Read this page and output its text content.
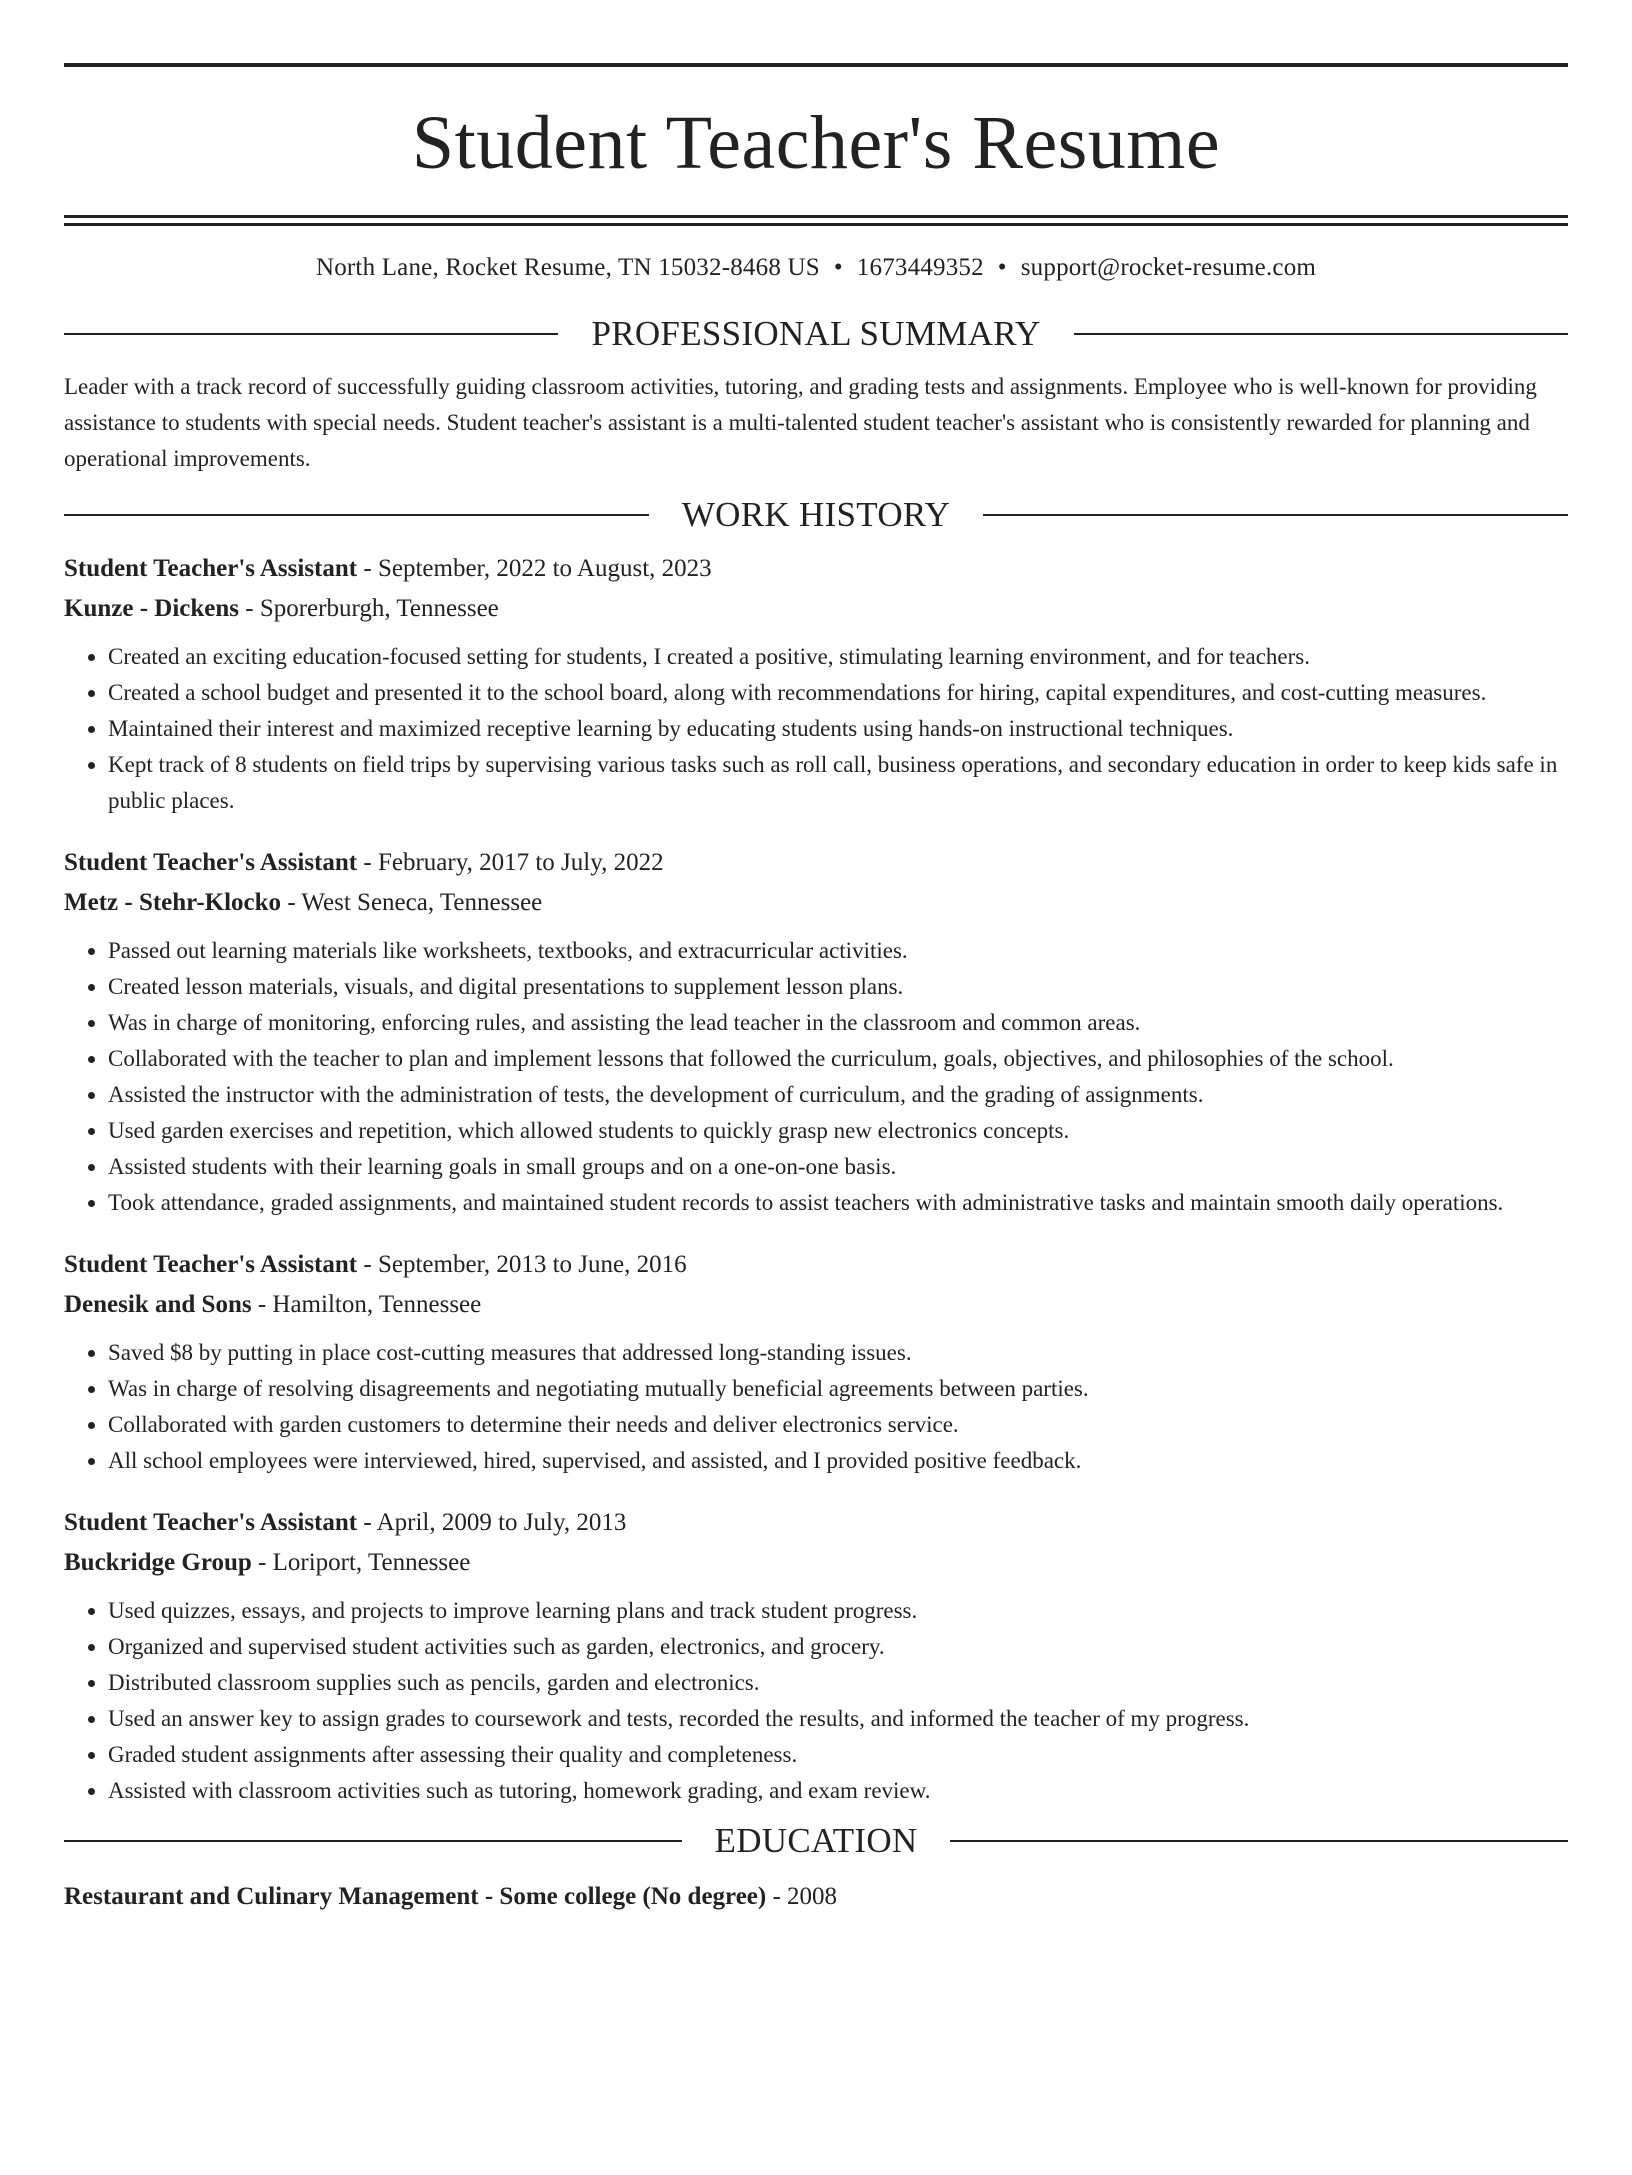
Student Teacher's Resume
North Lane, Rocket Resume, TN 15032-8468 US • 1673449352 • support@rocket-resume.com
PROFESSIONAL SUMMARY

Leader with a track record of successfully guiding classroom activities, tutoring, and grading tests and assignments. Employee who is well-known for providing assistance to students with special needs. Student teacher's assistant is a multi-talented student teacher's assistant who is consistently rewarded for planning and operational improvements.

WORK HISTORY
Student Teacher's Assistant - September, 2022 to August, 2023
Kunze - Dickens - Sporerburgh, Tennessee
• Created an exciting education-focused setting for students, I created a positive, stimulating learning environment, and for teachers.
• Created a school budget and presented it to the school board, along with recommendations for hiring, capital expenditures, and cost-cutting measures.
• Maintained their interest and maximized receptive learning by educating students using hands-on instructional techniques.
• Kept track of 8 students on field trips by supervising various tasks such as roll call, business operations, and secondary education in order to keep kids safe in public places.
Student Teacher's Assistant - February, 2017 to July, 2022
Metz - Stehr-Klocko - West Seneca, Tennessee
• Passed out learning materials like worksheets, textbooks, and extracurricular activities.
• Created lesson materials, visuals, and digital presentations to supplement lesson plans.
• Was in charge of monitoring, enforcing rules, and assisting the lead teacher in the classroom and common areas.
• Collaborated with the teacher to plan and implement lessons that followed the curriculum, goals, objectives, and philosophies of the school.
• Assisted the instructor with the administration of tests, the development of curriculum, and the grading of assignments.
• Used garden exercises and repetition, which allowed students to quickly grasp new electronics concepts.
• Assisted students with their learning goals in small groups and on a one-on-one basis.
• Took attendance, graded assignments, and maintained student records to assist teachers with administrative tasks and maintain smooth daily operations.
Student Teacher's Assistant - September, 2013 to June, 2016
Denesik and Sons - Hamilton, Tennessee
• Saved $8 by putting in place cost-cutting measures that addressed long-standing issues.
• Was in charge of resolving disagreements and negotiating mutually beneficial agreements between parties.
• Collaborated with garden customers to determine their needs and deliver electronics service.
• All school employees were interviewed, hired, supervised, and assisted, and I provided positive feedback.
Student Teacher's Assistant - April, 2009 to July, 2013
Buckridge Group - Loriport, Tennessee
• Used quizzes, essays, and projects to improve learning plans and track student progress.
• Organized and supervised student activities such as garden, electronics, and grocery.
• Distributed classroom supplies such as pencils, garden and electronics.
• Used an answer key to assign grades to coursework and tests, recorded the results, and informed the teacher of my progress.
• Graded student assignments after assessing their quality and completeness.
• Assisted with classroom activities such as tutoring, homework grading, and exam review.
EDUCATION
Restaurant and Culinary Management - Some college (No degree) - 2008
